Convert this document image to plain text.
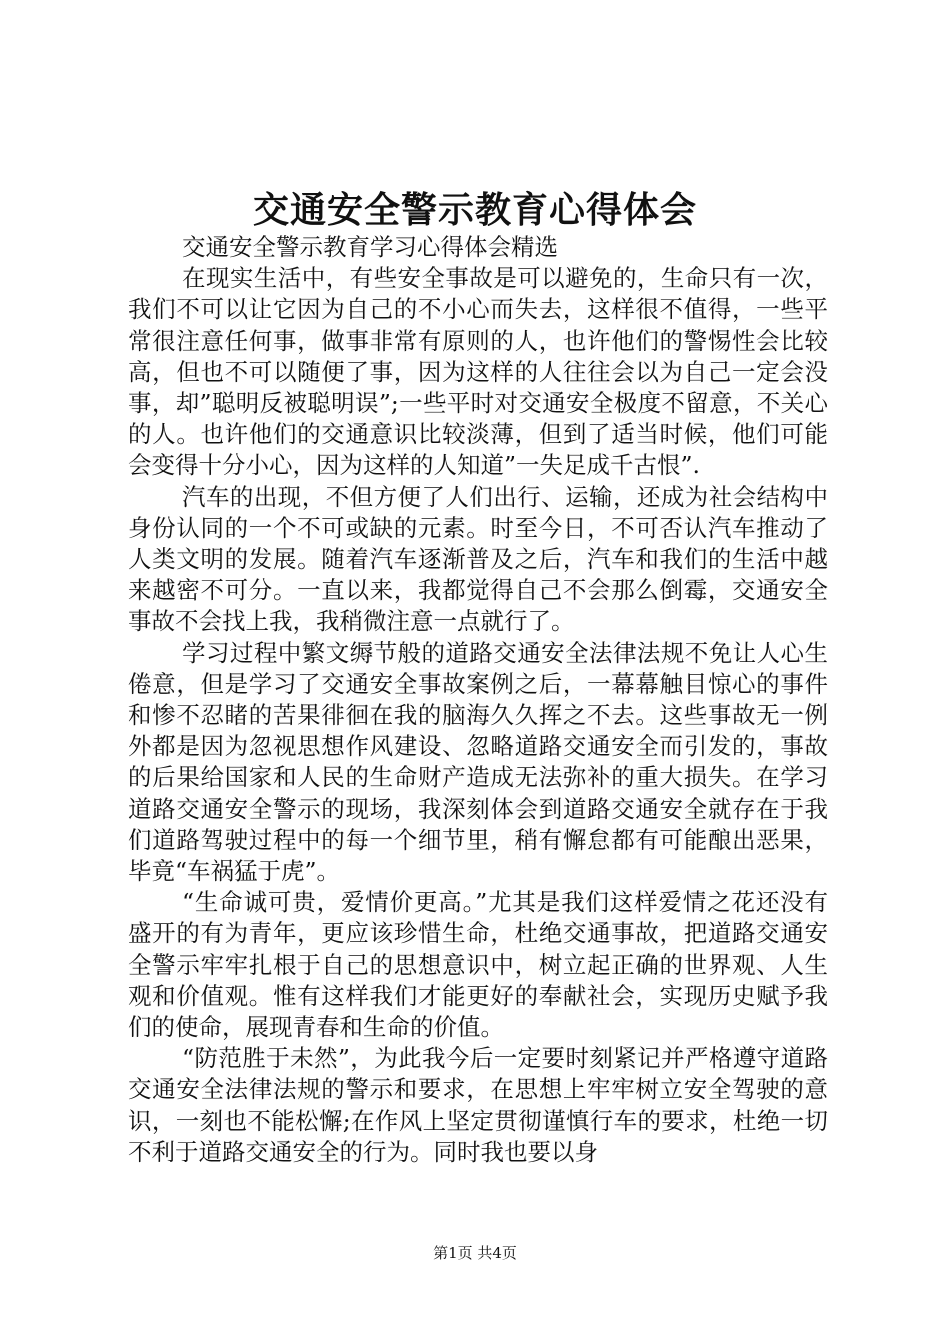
交通安全警示教育心得体会

交通安全警示教育学习心得体会精选

在现实生活中，有些安全事故是可以避免的，生命只有一次，我们不可以让它因为自己的不小心而失去，这样很不值得，一些平常很注意任何事，做事非常有原则的人，也许他们的警惕性会比较高，但也不可以随便了事，因为这样的人往往会以为自己一定会没事，却”聪明反被聪明误”;一些平时对交通安全极度不留意，不关心的人。也许他们的交通意识比较淡薄，但到了适当时候，他们可能会变得十分小心，因为这样的人知道”一失足成千古恨”.

汽车的出现，不但方便了人们出行、运输，还成为社会结构中身份认同的一个不可或缺的元素。时至今日，不可否认汽车推动了人类文明的发展。随着汽车逐渐普及之后，汽车和我们的生活中越来越密不可分。一直以来，我都觉得自己不会那么倒霉，交通安全事故不会找上我，我稍微注意一点就行了。

学习过程中繁文缛节般的道路交通安全法律法规不免让人心生倦意，但是学习了交通安全事故案例之后，一幕幕触目惊心的事件和惨不忍睹的苦果徘徊在我的脑海久久挥之不去。这些事故无一例外都是因为忽视思想作风建设、忽略道路交通安全而引发的，事故的后果给国家和人民的生命财产造成无法弥补的重大损失。在学习道路交通安全警示的现场，我深刻体会到道路交通安全就存在于我们道路驾驶过程中的每一个细节里，稍有懈怠都有可能酿出恶果，毕竟“车祸猛于虎”。

“生命诚可贵，爱情价更高。”尤其是我们这样爱情之花还没有盛开的有为青年，更应该珍惜生命，杜绝交通事故，把道路交通安全警示牢牢扎根于自己的思想意识中，树立起正确的世界观、人生观和价值观。惟有这样我们才能更好的奉献社会，实现历史赋予我们的使命，展现青春和生命的价值。

“防范胜于未然”，为此我今后一定要时刻紧记并严格遵守道路交通安全法律法规的警示和要求，在思想上牢牢树立安全驾驶的意识，一刻也不能松懈;在作风上坚定贯彻谨慎行车的要求，杜绝一切不利于道路交通安全的行为。同时我也要以身

第1页 共4页
